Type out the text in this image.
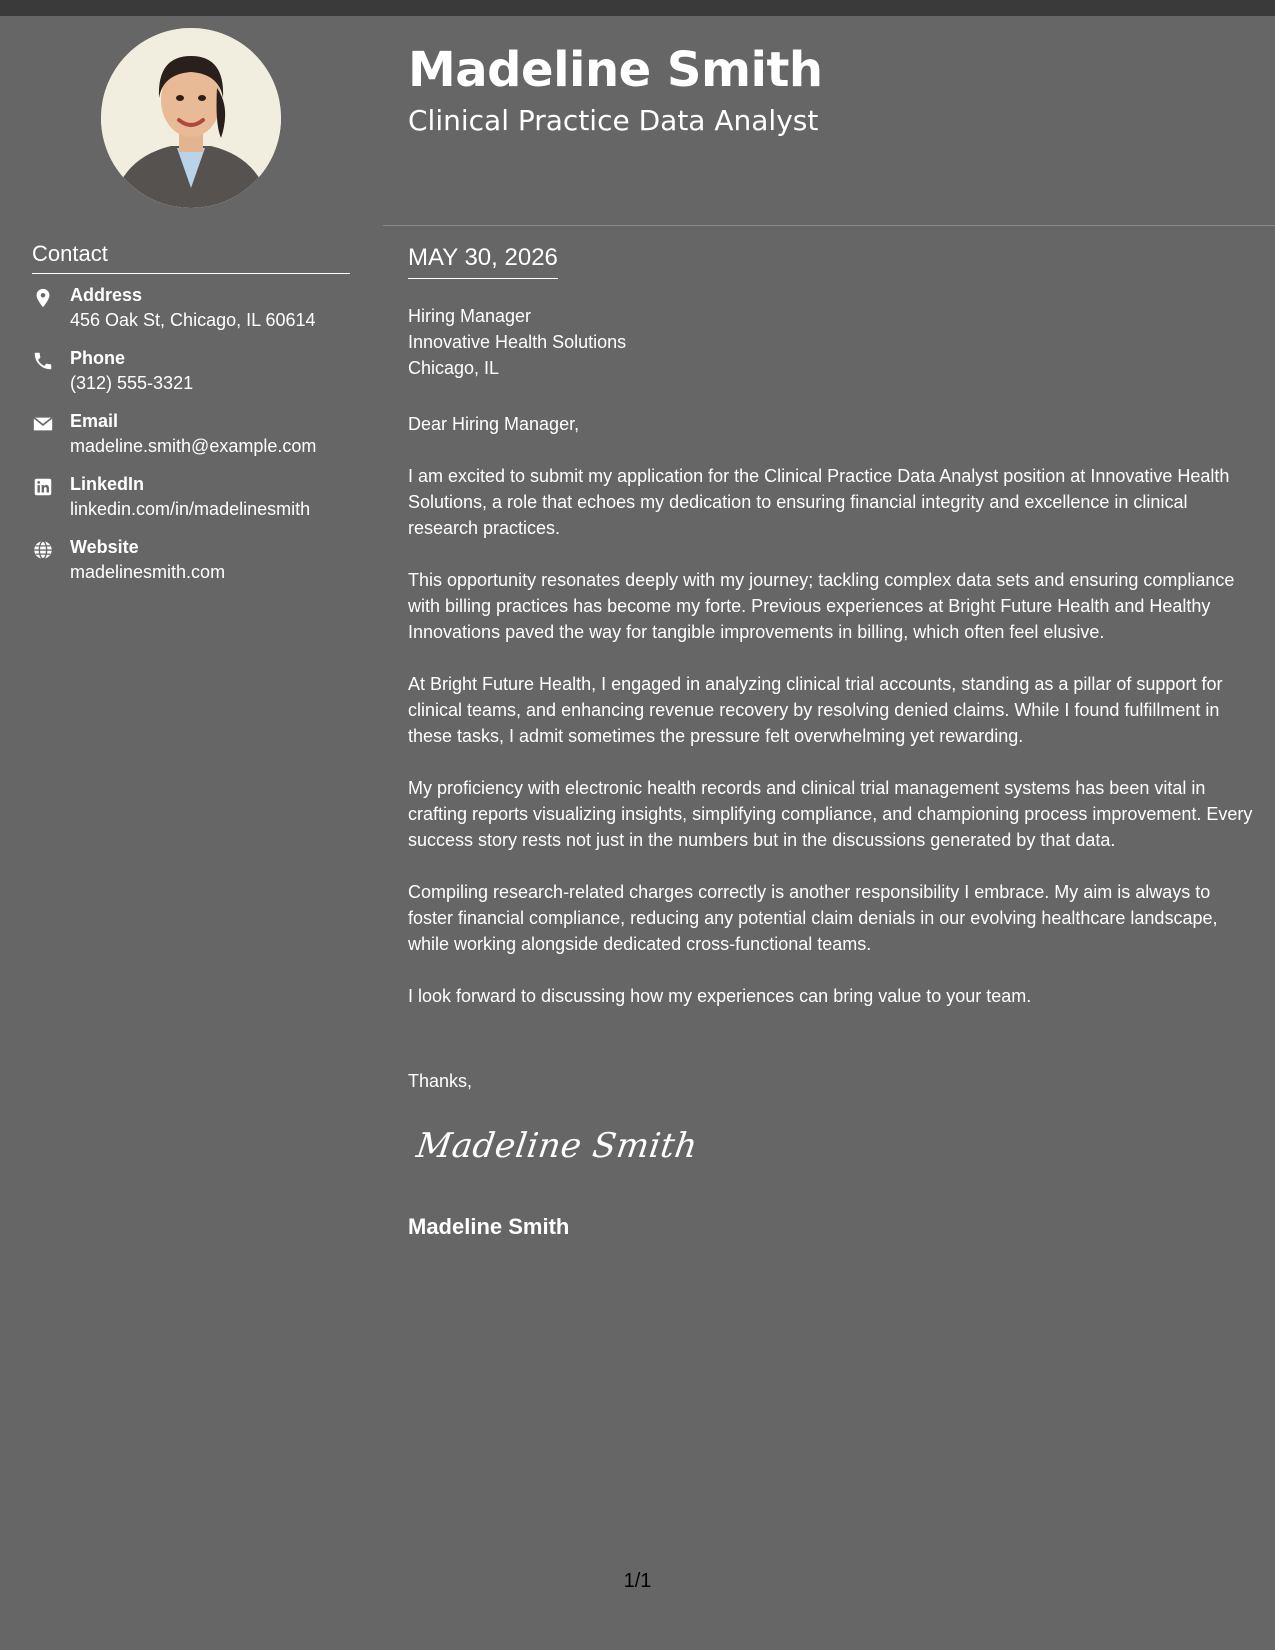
Contact
Address
456 Oak St, Chicago, IL 60614
Phone
(312) 555-3321
Email
madeline.smith@example.com
LinkedIn
linkedin.com/in/madelinesmith
Website
madelinesmith.com
Madeline Smith
Clinical Practice Data Analyst
MAY 30, 2026
Hiring Manager
Innovative Health Solutions
Chicago, IL

Dear Hiring Manager,

I am excited to submit my application for the Clinical Practice Data Analyst position at Innovative Health Solutions, a role that echoes my dedication to ensuring financial integrity and excellence in clinical research practices.

This opportunity resonates deeply with my journey; tackling complex data sets and ensuring compliance with billing practices has become my forte. Previous experiences at Bright Future Health and Healthy Innovations paved the way for tangible improvements in billing, which often feel elusive.

At Bright Future Health, I engaged in analyzing clinical trial accounts, standing as a pillar of support for clinical teams, and enhancing revenue recovery by resolving denied claims. While I found fulfillment in these tasks, I admit sometimes the pressure felt overwhelming yet rewarding.

My proficiency with electronic health records and clinical trial management systems has been vital in crafting reports visualizing insights, simplifying compliance, and championing process improvement. Every success story rests not just in the numbers but in the discussions generated by that data.

Compiling research-related charges correctly is another responsibility I embrace. My aim is always to foster financial compliance, reducing any potential claim denials in our evolving healthcare landscape, while working alongside dedicated cross-functional teams.

I look forward to discussing how my experiences can bring value to your team.

Thanks,
Madeline Smith
Madeline Smith
1/1
